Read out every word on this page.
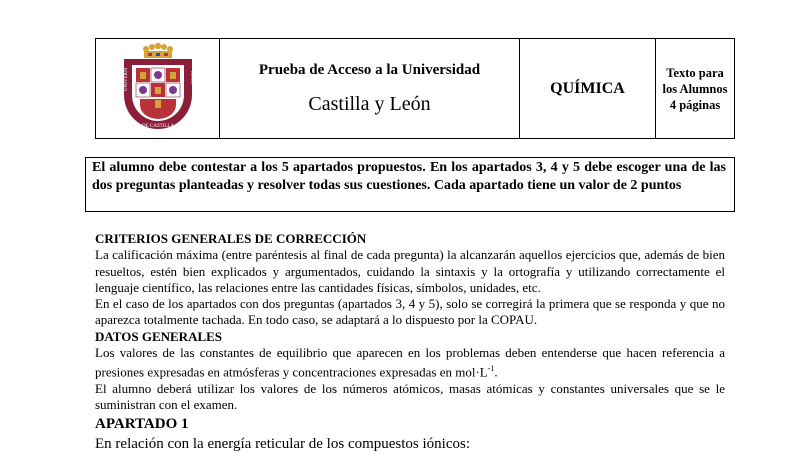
UNIVERSI	LEON
DE CASTILLA
Prueba de Acceso a la Universidad
Castilla y León
QUÍMICA
Texto para
los Alumnos
4 páginas
El alumno debe contestar a los 5 apartados propuestos. En los apartados 3, 4 y 5 debe escoger una de las dos preguntas planteadas y resolver todas sus cuestiones. Cada apartado tiene un valor de 2 puntos
CRITERIOS GENERALES DE CORRECCIÓN
La calificación máxima (entre paréntesis al final de cada pregunta) la alcanzarán aquellos ejercicios que, además de bien resueltos, estén bien explicados y argumentados, cuidando la sintaxis y la ortografía y utilizando correctamente el lenguaje científico, las relaciones entre las cantidades físicas, símbolos, unidades, etc.
En el caso de los apartados con dos preguntas (apartados 3, 4 y 5), solo se corregirá la primera que se responda y que no aparezca totalmente tachada. En todo caso, se adaptará a lo dispuesto por la COPAU.
DATOS GENERALES
Los valores de las constantes de equilibrio que aparecen en los problemas deben entenderse que hacen referencia a presiones expresadas en atmósferas y concentraciones expresadas en $mol\cdot L^{-1}$.
El alumno deberá utilizar los valores de los números atómicos, masas atómicas y constantes universales que se le suministran con el examen.
APARTADO 1
En relación con la energía reticular de los compuestos iónicos:
